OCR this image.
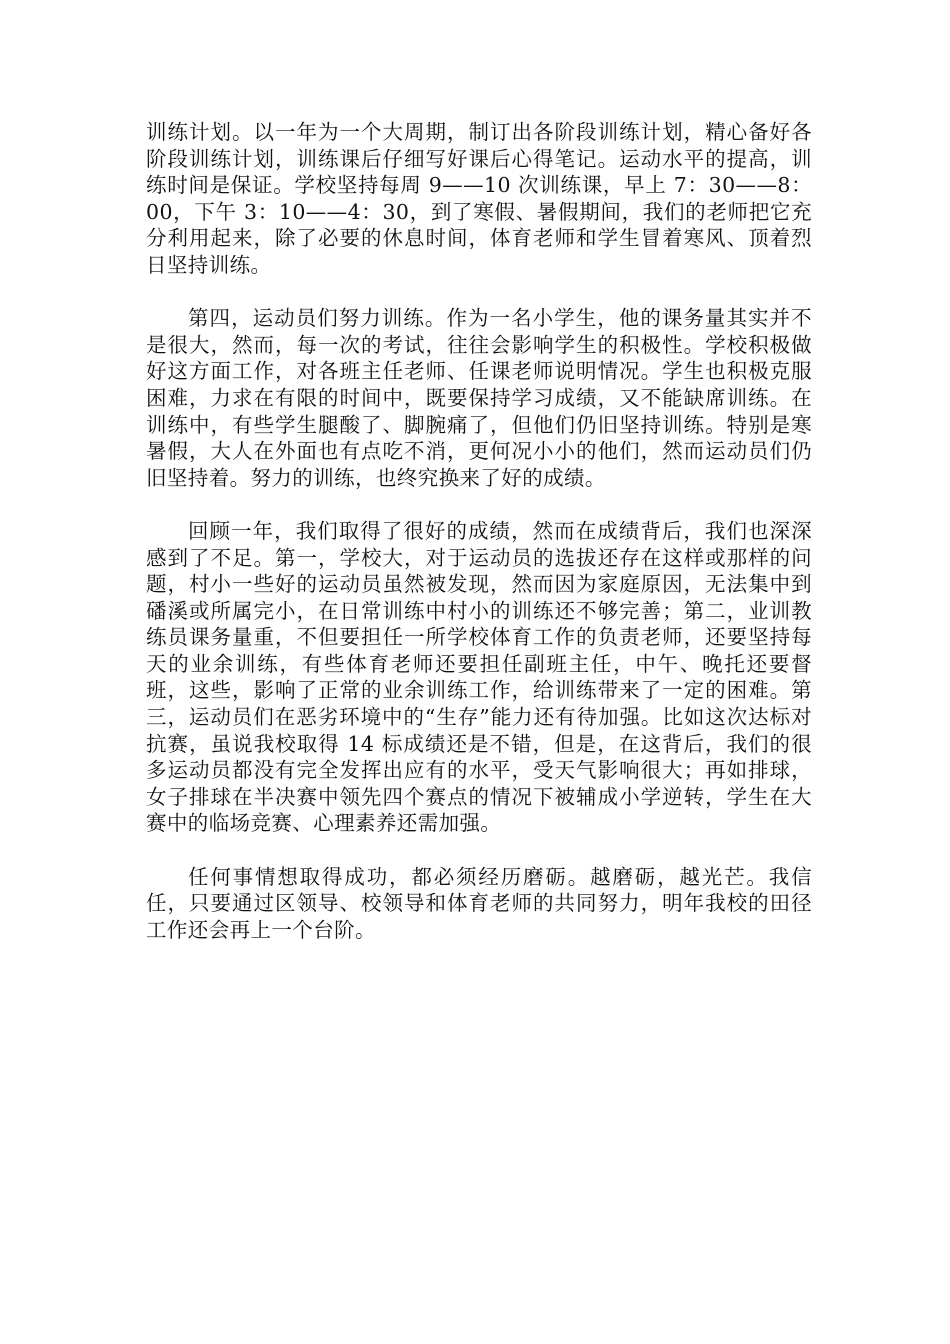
训练计划。以一年为一个大周期，制订出各阶段训练计划，精心备好各阶段训练计划，训练课后仔细写好课后心得笔记。运动水平的提高，训练时间是保证。学校坚持每周 9——10 次训练课，早上 7：30——8：00，下午 3：10——4：30，到了寒假、暑假期间，我们的老师把它充分利用起来，除了必要的休息时间，体育老师和学生冒着寒风、顶着烈日坚持训练。

第四，运动员们努力训练。作为一名小学生，他的课务量其实并不是很大，然而，每一次的考试，往往会影响学生的积极性。学校积极做好这方面工作，对各班主任老师、任课老师说明情况。学生也积极克服困难，力求在有限的时间中，既要保持学习成绩，又不能缺席训练。在训练中，有些学生腿酸了、脚腕痛了，但他们仍旧坚持训练。特别是寒暑假，大人在外面也有点吃不消，更何况小小的他们，然而运动员们仍旧坚持着。努力的训练，也终究换来了好的成绩。

回顾一年，我们取得了很好的成绩，然而在成绩背后，我们也深深感到了不足。第一，学校大，对于运动员的选拔还存在这样或那样的问题，村小一些好的运动员虽然被发现，然而因为家庭原因，无法集中到磻溪或所属完小，在日常训练中村小的训练还不够完善；第二，业训教练员课务量重，不但要担任一所学校体育工作的负责老师，还要坚持每天的业余训练，有些体育老师还要担任副班主任，中午、晚托还要督班，这些，影响了正常的业余训练工作，给训练带来了一定的困难。第三，运动员们在恶劣环境中的“生存”能力还有待加强。比如这次达标对抗赛，虽说我校取得 14 标成绩还是不错，但是，在这背后，我们的很多运动员都没有完全发挥出应有的水平，受天气影响很大；再如排球，女子排球在半决赛中领先四个赛点的情况下被辅成小学逆转，学生在大赛中的临场竞赛、心理素养还需加强。

任何事情想取得成功，都必须经历磨砺。越磨砺，越光芒。我信任，只要通过区领导、校领导和体育老师的共同努力，明年我校的田径工作还会再上一个台阶。
